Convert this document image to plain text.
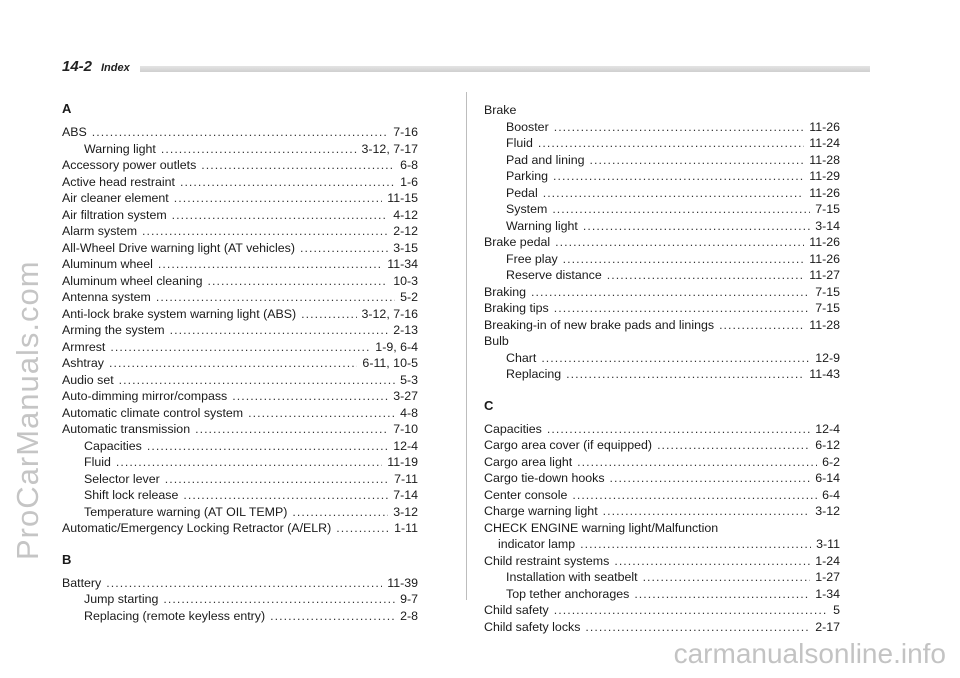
14-2 Index
A
ABS . . .	7-16
Warning light . . .	3-12, 7-17
Accessory power outlets . . .	6-8
Active head restraint . . .	1-6
Air cleaner element . . .	11-15
Air filtration system . . .	4-12
Alarm system . . .	2-12
All-Wheel Drive warning light (AT vehicles) . . .	3-15
Aluminum wheel . . .	11-34
Aluminum wheel cleaning . . .	10-3
Antenna system . . .	5-2
Anti-lock brake system warning light (ABS) . . .	3-12, 7-16
Arming the system . . .	2-13
Armrest . . .	1-9, 6-4
Ashtray . . .	6-11, 10-5
Audio set . . .	5-3
Auto-dimming mirror/compass . . .	3-27
Automatic climate control system . . .	4-8
Automatic transmission . . .	7-10
Capacities . . .	12-4
Fluid . . .	11-19
Selector lever . . .	7-11
Shift lock release . . .	7-14
Temperature warning (AT OIL TEMP) . . .	3-12
Automatic/Emergency Locking Retractor (A/ELR) . . .	1-11
B
Battery . . .	11-39
Jump starting . . .	9-7
Replacing (remote keyless entry) . . .	2-8
Brake
Booster . . .	11-26
Fluid . . .	11-24
Pad and lining . . .	11-28
Parking . . .	11-29
Pedal . . .	11-26
System . . .	7-15
Warning light . . .	3-14
Brake pedal . . .	11-26
Free play . . .	11-26
Reserve distance . . .	11-27
Braking . . .	7-15
Braking tips . . .	7-15
Breaking-in of new brake pads and linings . . .	11-28
Bulb
Chart . . .	12-9
Replacing . . .	11-43
C
Capacities . . .	12-4
Cargo area cover (if equipped) . . .	6-12
Cargo area light . . .	6-2
Cargo tie-down hooks . . .	6-14
Center console . . .	6-4
Charge warning light . . .	3-12
CHECK ENGINE warning light/Malfunction
indicator lamp . . .	3-11
Child restraint systems . . .	1-24
Installation with seatbelt . . .	1-27
Top tether anchorages . . .	1-34
Child safety . . .	5
Child safety locks . . .	2-17
ProCarManuals.com
carmanualsonline.info
